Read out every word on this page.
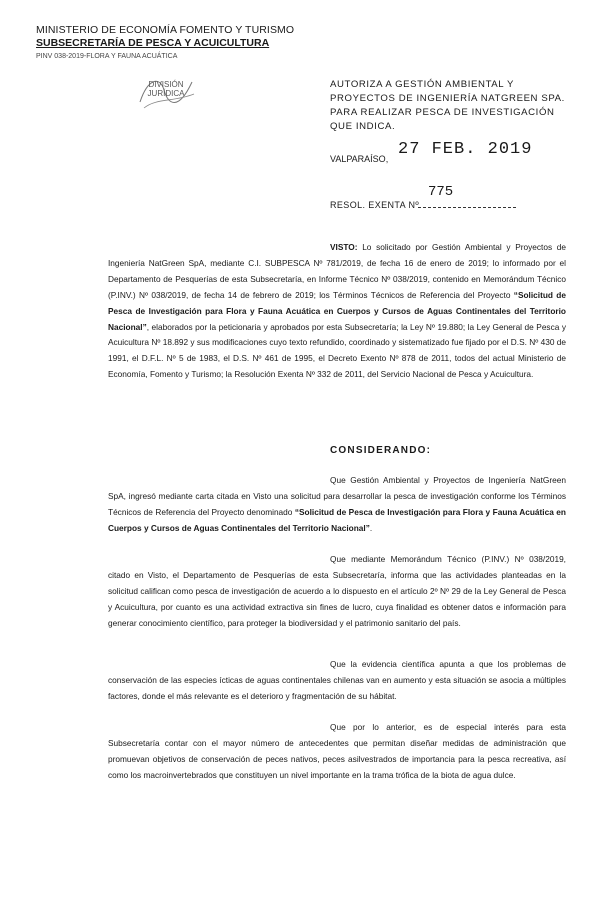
MINISTERIO DE ECONOMÍA FOMENTO Y TURISMO
SUBSECRETARÍA DE PESCA Y ACUICULTURA
PINV 038-2019-FLORA Y FAUNA ACUÁTICA
DIVISIÓN
JURÍDICA
AUTORIZA A GESTIÓN AMBIENTAL Y PROYECTOS DE INGENIERÍA NATGREEN SPA. PARA REALIZAR PESCA DE INVESTIGACIÓN QUE INDICA.
VALPARAÍSO, 27 FEB. 2019
775
RESOL. EXENTA Nº
VISTO: Lo solicitado por Gestión Ambiental y Proyectos de Ingeniería NatGreen SpA, mediante C.I. SUBPESCA Nº 781/2019, de fecha 16 de enero de 2019; lo informado por el Departamento de Pesquerías de esta Subsecretaría, en Informe Técnico Nº 038/2019, contenido en Memorándum Técnico (P.INV.) Nº 038/2019, de fecha 14 de febrero de 2019; los Términos Técnicos de Referencia del Proyecto “Solicitud de Pesca de Investigación para Flora y Fauna Acuática en Cuerpos y Cursos de Aguas Continentales del Territorio Nacional”, elaborados por la peticionaria y aprobados por esta Subsecretaría; la Ley Nº 19.880; la Ley General de Pesca y Acuicultura Nº 18.892 y sus modificaciones cuyo texto refundido, coordinado y sistematizado fue fijado por el D.S. Nº 430 de 1991, el D.F.L. Nº 5 de 1983, el D.S. Nº 461 de 1995, el Decreto Exento Nº 878 de 2011, todos del actual Ministerio de Economía, Fomento y Turismo; la Resolución Exenta Nº 332 de 2011, del Servicio Nacional de Pesca y Acuicultura.
CONSIDERANDO:
Que Gestión Ambiental y Proyectos de Ingeniería NatGreen SpA, ingresó mediante carta citada en Visto una solicitud para desarrollar la pesca de investigación conforme los Términos Técnicos de Referencia del Proyecto denominado “Solicitud de Pesca de Investigación para Flora y Fauna Acuática en Cuerpos y Cursos de Aguas Continentales del Territorio Nacional”.
Que mediante Memorándum Técnico (P.INV.) Nº 038/2019, citado en Visto, el Departamento de Pesquerías de esta Subsecretaría, informa que las actividades planteadas en la solicitud califican como pesca de investigación de acuerdo a lo dispuesto en el artículo 2º Nº 29 de la Ley General de Pesca y Acuicultura, por cuanto es una actividad extractiva sin fines de lucro, cuya finalidad es obtener datos e información para generar conocimiento científico, para proteger la biodiversidad y el patrimonio sanitario del país.
Que la evidencia científica apunta a que los problemas de conservación de las especies ícticas de aguas continentales chilenas van en aumento y esta situación se asocia a múltiples factores, donde el más relevante es el deterioro y fragmentación de su hábitat.
Que por lo anterior, es de especial interés para esta Subsecretaría contar con el mayor número de antecedentes que permitan diseñar medidas de administración que promuevan objetivos de conservación de peces nativos, peces asilvestrados de importancia para la pesca recreativa, así como los macroinvertebrados que constituyen un nivel importante en la trama trófica de la biota de agua dulce.
